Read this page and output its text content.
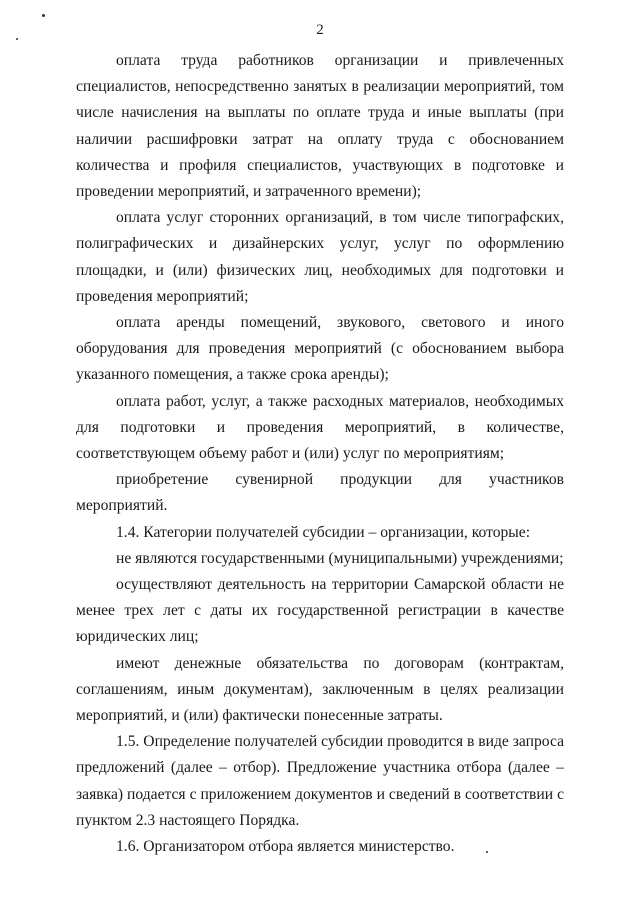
2

оплата труда работников организации и привлеченных специалистов, непосредственно занятых в реализации мероприятий, том числе начисления на выплаты по оплате труда и иные выплаты (при наличии расшифровки затрат на оплату труда с обоснованием количества и профиля специалистов, участвующих в подготовке и проведении мероприятий, и затраченного времени);

оплата услуг сторонних организаций, в том числе типографских, полиграфических и дизайнерских услуг, услуг по оформлению площадки, и (или) физических лиц, необходимых для подготовки и проведения мероприятий;

оплата аренды помещений, звукового, светового и иного оборудования для проведения мероприятий (с обоснованием выбора указанного помещения, а также срока аренды);

оплата работ, услуг, а также расходных материалов, необходимых для подготовки и проведения мероприятий, в количестве, соответствующем объему работ и (или) услуг по мероприятиям;

приобретение сувенирной продукции для участников мероприятий.

1.4. Категории получателей субсидии – организации, которые:

не являются государственными (муниципальными) учреждениями;

осуществляют деятельность на территории Самарской области не менее трех лет с даты их государственной регистрации в качестве юридических лиц;

имеют денежные обязательства по договорам (контрактам, соглашениям, иным документам), заключенным в целях реализации мероприятий, и (или) фактически понесенные затраты.

1.5. Определение получателей субсидии проводится в виде запроса предложений (далее – отбор). Предложение участника отбора (далее – заявка) подается с приложением документов и сведений в соответствии с пунктом 2.3 настоящего Порядка.

1.6. Организатором отбора является министерство.
